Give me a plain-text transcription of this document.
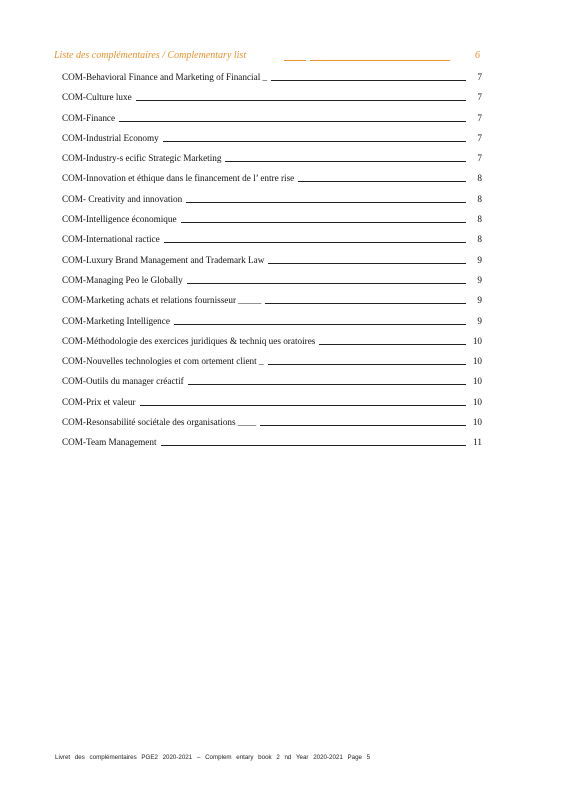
Liste des complémentaires / Complementary list	6
COM-Behavioral Finance and Marketing of Financial _	7
COM-Culture luxe	7
COM-Finance	7
COM-Industrial Economy	7
COM-Industry-s ecific Strategic Marketing	7
COM-Innovation et éthique dans le financement de l’ entre rise	8
COM- Creativity and innovation	8
COM-Intelligence économique	8
COM-International ractice	8
COM-Luxury Brand Management and Trademark Law	9
COM-Managing Peo le Globally	9
COM-Marketing achats et relations fournisseur _____	9
COM-Marketing Intelligence	9
COM-Méthodologie des exercices juridiques & techniq ues oratoires	10
COM-Nouvelles technologies et com ortement client _	10
COM-Outils du manager créactif	10
COM-Prix et valeur	10
COM-Resonsabilité sociétale des organisations ____	10
COM-Team Management	11
Livret des complémentaires PGE2 2020-2021 – Complem entary book 2 nd Year 2020-2021 Page 5
